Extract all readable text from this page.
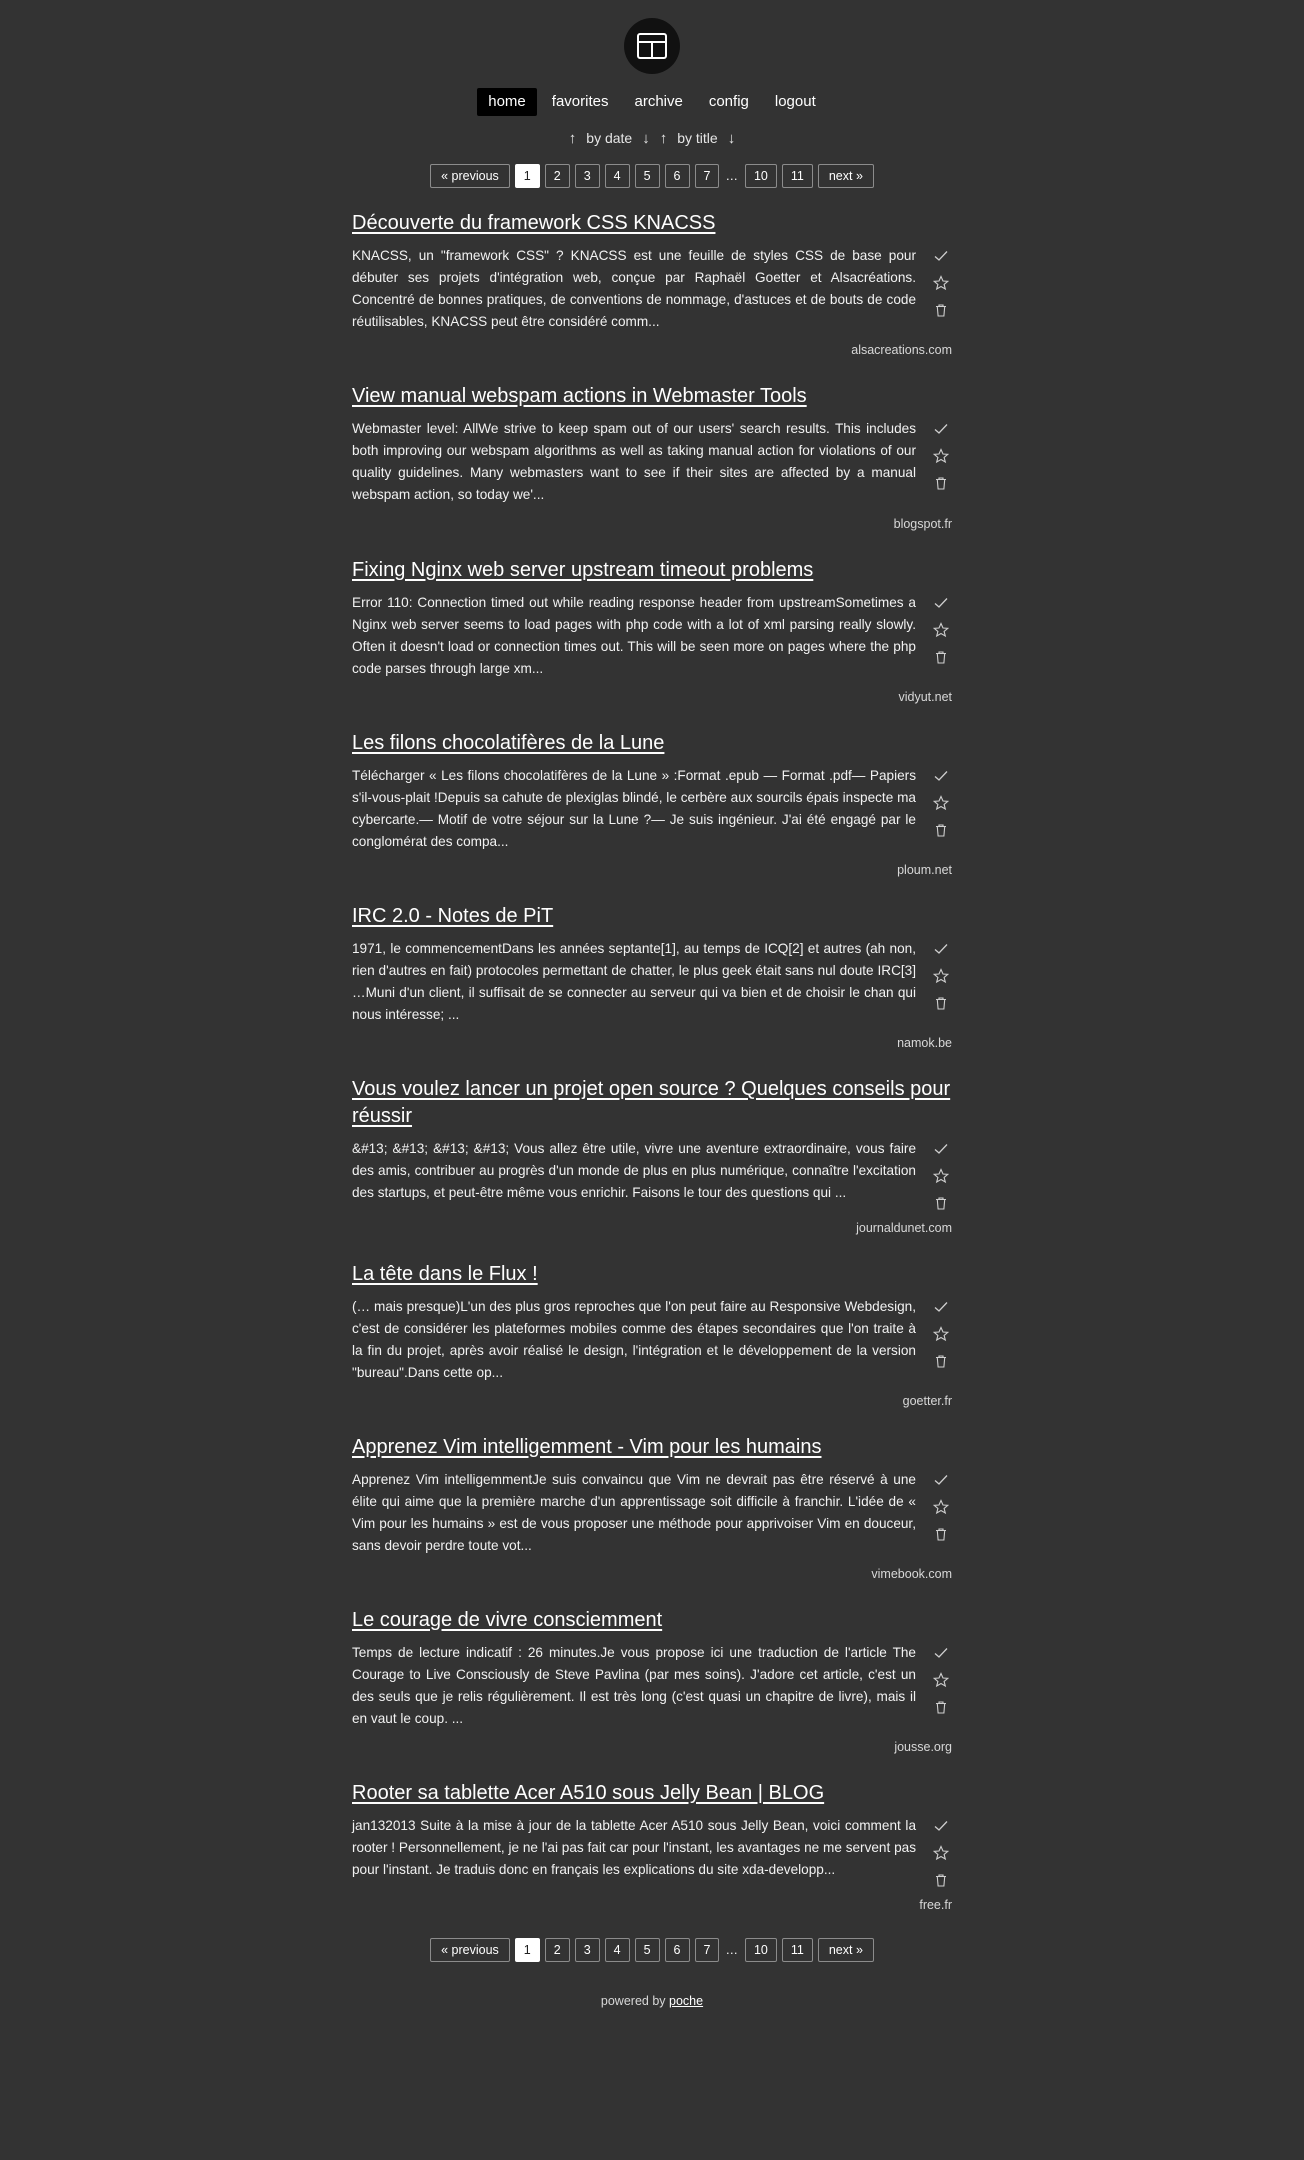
home	favorites	archive	config	logout
↑ by date ↓ ↑ by title ↓
« previous	1	2	3	4	5	6	7	…	10	11	next »
Découverte du framework CSS KNACSS
KNACSS, un "framework CSS" ? KNACSS est une feuille de styles CSS de base pour débuter ses projets d'intégration web, conçue par Raphaël Goetter et Alsacréations. Concentré de bonnes pratiques, de conventions de nommage, d'astuces et de bouts de code réutilisables, KNACSS peut être considéré comm...
alsacreations.com
View manual webspam actions in Webmaster Tools
Webmaster level: AllWe strive to keep spam out of our users' search results. This includes both improving our webspam algorithms as well as taking manual action for violations of our quality guidelines. Many webmasters want to see if their sites are affected by a manual webspam action, so today we'...
blogspot.fr
Fixing Nginx web server upstream timeout problems
Error 110: Connection timed out while reading response header from upstreamSometimes a Nginx web server seems to load pages with php code with a lot of xml parsing really slowly. Often it doesn't load or connection times out. This will be seen more on pages where the php code parses through large xm...
vidyut.net
Les filons chocolatifères de la Lune
Télécharger « Les filons chocolatifères de la Lune » :Format .epub — Format .pdf— Papiers s'il-vous-plait !Depuis sa cahute de plexiglas blindé, le cerbère aux sourcils épais inspecte ma cybercarte.— Motif de votre séjour sur la Lune ?— Je suis ingénieur. J'ai été engagé par le conglomérat des compa...
ploum.net
IRC 2.0 - Notes de PiT
1971, le commencementDans les années septante[1], au temps de ICQ[2] et autres (ah non, rien d'autres en fait) protocoles permettant de chatter, le plus geek était sans nul doute IRC[3] …Muni d'un client, il suffisait de se connecter au serveur qui va bien et de choisir le chan qui nous intéresse; ...
namok.be
Vous voulez lancer un projet open source ? Quelques conseils pour réussir
&#13; &#13; &#13; &#13; Vous allez être utile, vivre une aventure extraordinaire, vous faire des amis, contribuer au progrès d'un monde de plus en plus numérique, connaître l'excitation des startups, et peut-être même vous enrichir. Faisons le tour des questions qui ...
journaldunet.com
La tête dans le Flux !
(… mais presque)L'un des plus gros reproches que l'on peut faire au Responsive Webdesign, c'est de considérer les plateformes mobiles comme des étapes secondaires que l'on traite à la fin du projet, après avoir réalisé le design, l'intégration et le développement de la version "bureau".Dans cette op...
goetter.fr
Apprenez Vim intelligemment - Vim pour les humains
Apprenez Vim intelligemmentJe suis convaincu que Vim ne devrait pas être réservé à une élite qui aime que la première marche d'un apprentissage soit difficile à franchir. L'idée de « Vim pour les humains » est de vous proposer une méthode pour apprivoiser Vim en douceur, sans devoir perdre toute vot...
vimebook.com
Le courage de vivre consciemment
Temps de lecture indicatif : 26 minutes.Je vous propose ici une traduction de l'article The Courage to Live Consciously de Steve Pavlina (par mes soins). J'adore cet article, c'est un des seuls que je relis régulièrement. Il est très long (c'est quasi un chapitre de livre), mais il en vaut le coup. ...
jousse.org
Rooter sa tablette Acer A510 sous Jelly Bean | BLOG
jan132013 Suite à la mise à jour de la tablette Acer A510 sous Jelly Bean, voici comment la rooter ! Personnellement, je ne l'ai pas fait car pour l'instant, les avantages ne me servent pas pour l'instant. Je traduis donc en français les explications du site xda-developp...
free.fr
« previous	1	2	3	4	5	6	7	…	10	11	next »
powered by poche
